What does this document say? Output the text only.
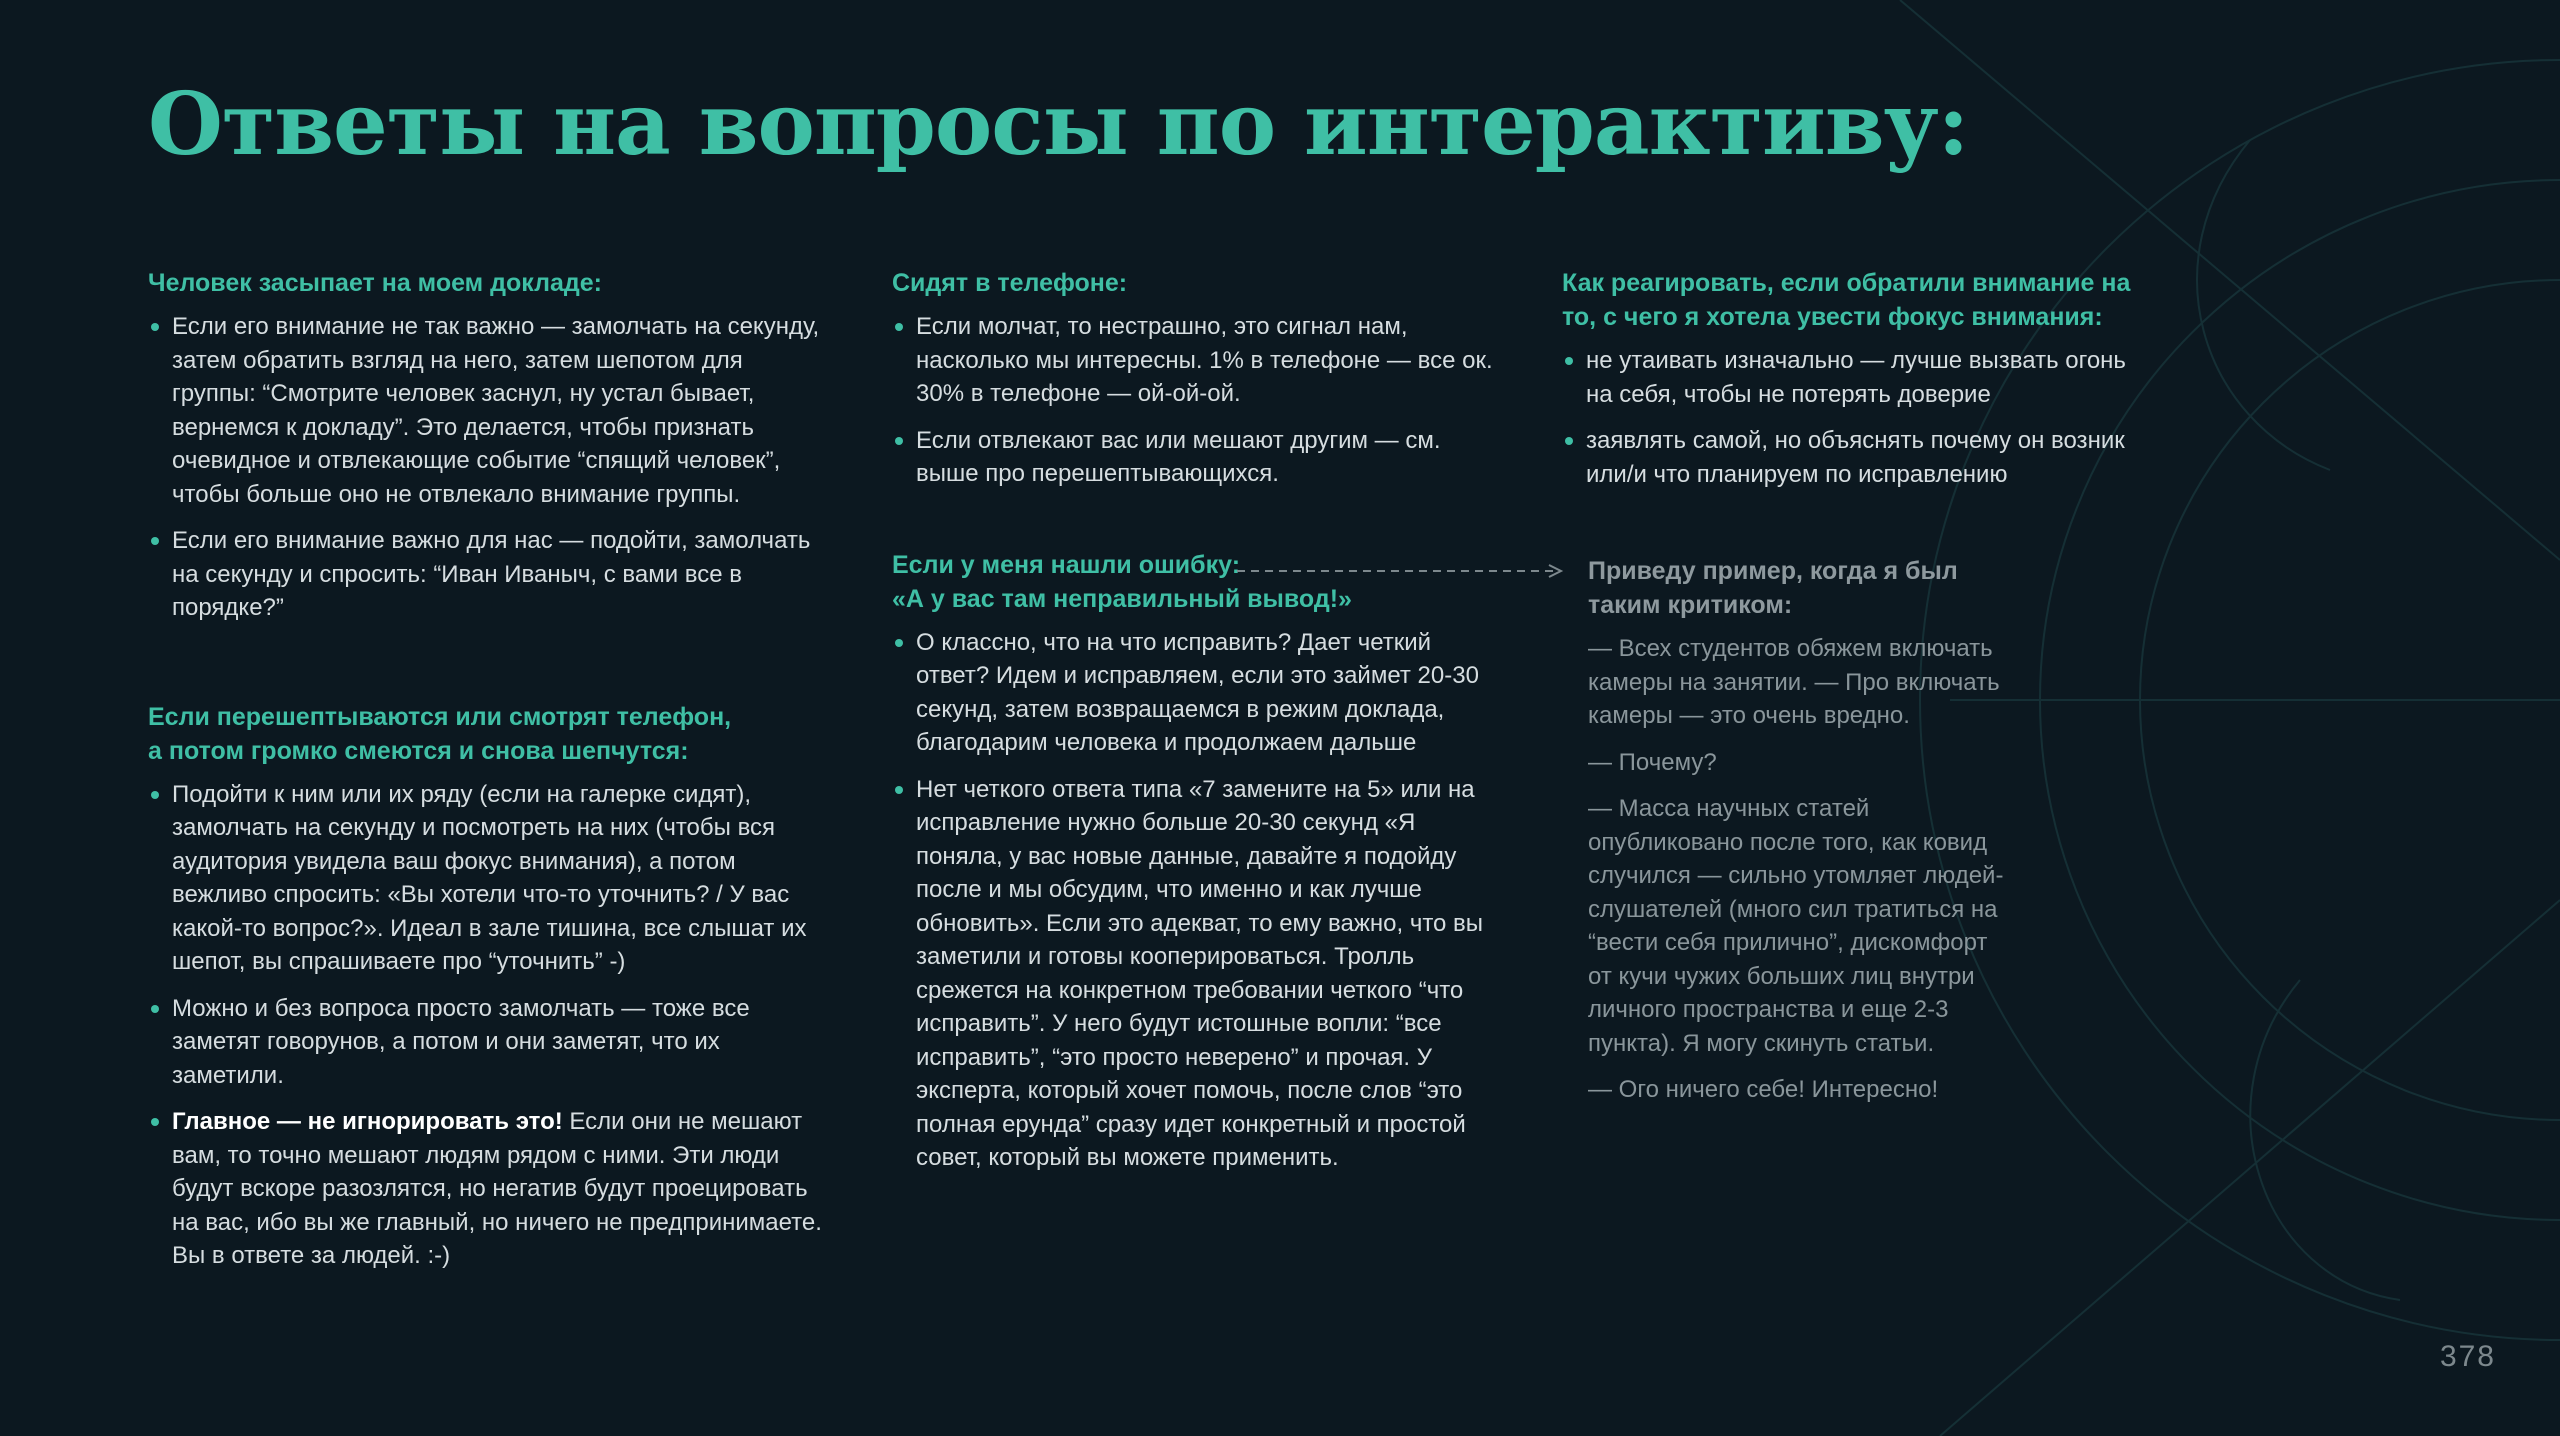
Ответы на вопросы по интерактиву:
Человек засыпает на моем докладе:
Если его внимание не так важно — замолчать на секунду, затем обратить взгляд на него, затем шепотом для группы: “Смотрите человек заснул, ну устал бывает, вернемся к докладу”. Это делается, чтобы признать очевидное и отвлекающие событие “спящий человек”, чтобы больше оно не отвлекало внимание группы.
Если его внимание важно для нас — подойти, замолчать на секунду и спросить: “Иван Иваныч, с вами все в порядке?”
Если перешептываются или смотрят телефон,
а потом громко смеются и снова шепчутся:
Подойти к ним или их ряду (если на галерке сидят), замолчать на секунду и посмотреть на них (чтобы вся аудитория увидела ваш фокус внимания), а потом вежливо спросить: «Вы хотели что-то уточнить? / У вас какой-то вопрос?». Идеал в зале тишина, все слышат их шепот, вы спрашиваете про “уточнить” -)
Можно и без вопроса просто замолчать — тоже все заметят говорунов, а потом и они заметят, что их заметили.
Главное — не игнорировать это! Если они не мешают вам, то точно мешают людям рядом с ними. Эти люди будут вскоре разозлятся, но негатив будут проецировать на вас, ибо вы же главный, но ничего не предпринимаете. Вы в ответе за людей. :-)
Сидят в телефоне:
Если молчат, то нестрашно, это сигнал нам, насколько мы интересны. 1% в телефоне — все ок. 30% в телефоне — ой-ой-ой.
Если отвлекают вас или мешают другим — см. выше про перешептывающихся.
Если у меня нашли ошибку:
«А у вас там неправильный вывод!»
О классно, что на что исправить? Дает четкий ответ? Идем и исправляем, если это займет 20-30 секунд, затем возвращаемся в режим доклада, благодарим человека и продолжаем дальше
Нет четкого ответа типа «7 замените на 5» или на исправление нужно больше 20-30 секунд «Я поняла, у вас новые данные, давайте я подойду после и мы обсудим, что именно и как лучше обновить». Если это адекват, то ему важно, что вы заметили и готовы кооперироваться. Тролль срежется на конкретном требовании четкого “что исправить”. У него будут истошные вопли: “все исправить”, “это просто неверено” и прочая. У эксперта, который хочет помочь, после слов “это полная ерунда” сразу идет конкретный и простой совет, который вы можете применить.
Как реагировать, если обратили внимание на
то, с чего я хотела увести фокус внимания:
не утаивать изначально — лучше вызвать огонь на себя, чтобы не потерять доверие
заявлять самой, но объяснять почему он возник или/и что планируем по исправлению
Приведу пример, когда я был
таким критиком:

— Всех студентов обяжем включать камеры на занятии. — Про включать камеры — это очень вредно.

— Почему?

— Масса научных статей опубликовано после того, как ковид случился — сильно утомляет людей-слушателей (много сил тратиться на “вести себя прилично”, дискомфорт от кучи чужих больших лиц внутри личного пространства и еще 2-3 пункта). Я могу скинуть статьи.

— Ого ничего себе! Интересно!

378
